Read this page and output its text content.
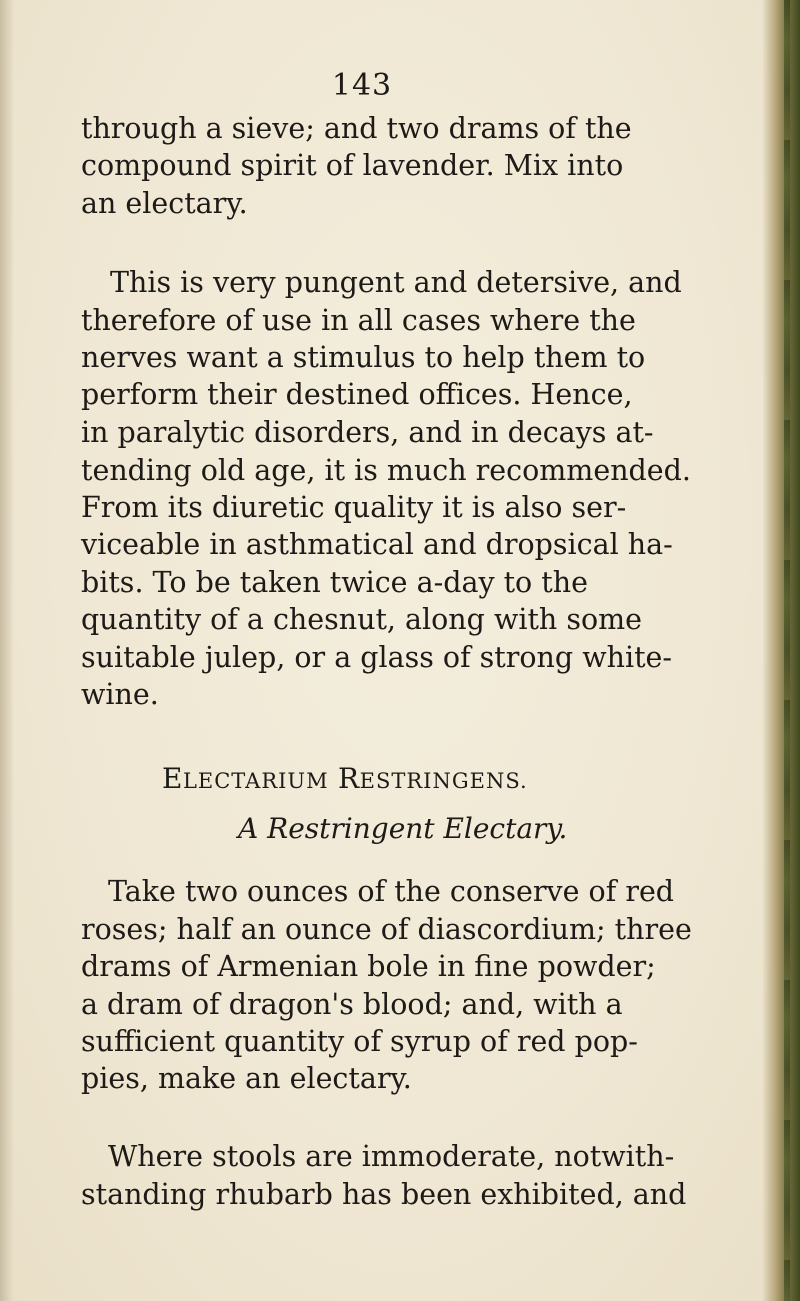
143
through a sieve; and two drams of the
compound spirit of lavender. Mix into
an electary.
This is very pungent and detersive, and
therefore of use in all cases where the
nerves want a stimulus to help them to
perform their destined offices. Hence,
in paralytic disorders, and in decays at-
tending old age, it is much recommended.
From its diuretic quality it is also ser-
viceable in asthmatical and dropsical ha-
bits. To be taken twice a-day to the
quantity of a chesnut, along with some
suitable julep, or a glass of strong white-
wine.
ELECTARIUM RESTRINGENS.
A Restringent Electary.
Take two ounces of the conserve of red
roses; half an ounce of diascordium; three
drams of Armenian bole in fine powder;
a dram of dragon's blood; and, with a
sufficient quantity of syrup of red pop-
pies, make an electary.
Where stools are immoderate, notwith-
standing rhubarb has been exhibited, and
